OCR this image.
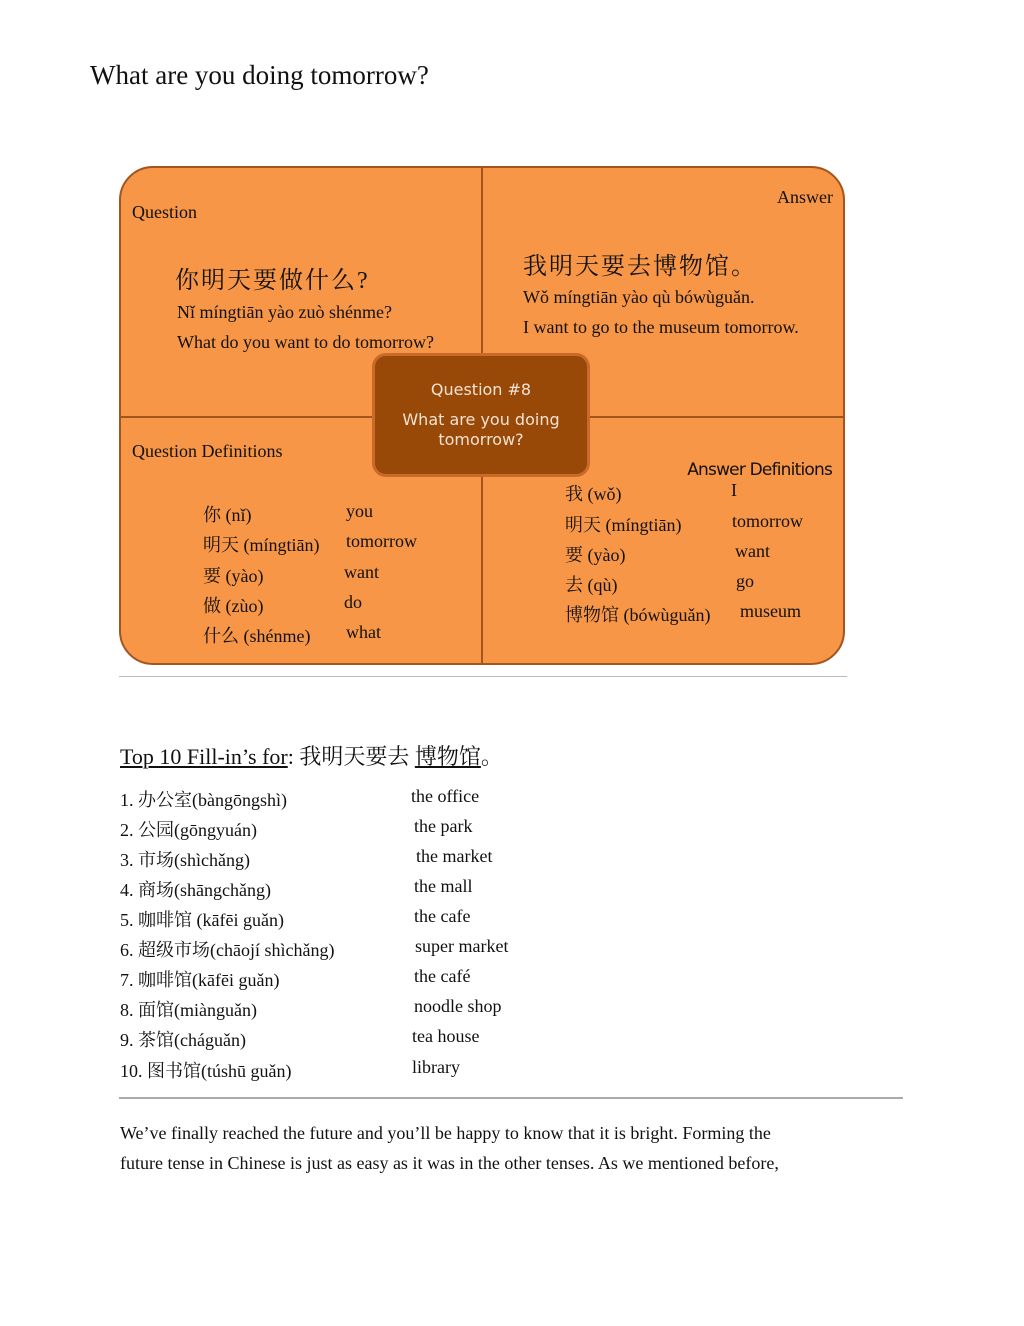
What are you doing tomorrow?
Question
你明天要做什么?
Nǐ míngtiān yào zuò shénme?
What do you want to do tomorrow?
Answer
我明天要去博物馆。
Wǒ míngtiān yào qù bówùguǎn.
I want to go to the museum tomorrow.
Question Definitions
你 (nǐ)	you
明天 (míngtiān) tomorrow
要 (yào)	want
做 (zùo)	do
什么 (shénme) what
Answer Definitions
我 (wǒ)	I
明天 (míngtiān)	tomorrow
要 (yào)	want
去 (qù)	go
博物馆 (bówùguǎn) museum
Question #8
What are you doing
tomorrow?
Top 10 Fill-in’s for: 我明天要去 博物馆。
1. 办公室(bàngōngshì)	the office
2. 公园(gōngyuán)	the park
3. 市场(shìchǎng)	the market
4. 商场(shāngchǎng)	the mall
5. 咖啡馆 (kāfēi guǎn)	the cafe
6. 超级市场(chāojí shìchǎng)	super market
7. 咖啡馆(kāfēi guǎn)	the café
8. 面馆(miànguǎn)	noodle shop
9. 茶馆(cháguǎn)	tea house
10. 图书馆(túshū guǎn)	library

We’ve finally reached the future and you’ll be happy to know that it is bright. Forming the

future tense in Chinese is just as easy as it was in the other tenses. As we mentioned before,
